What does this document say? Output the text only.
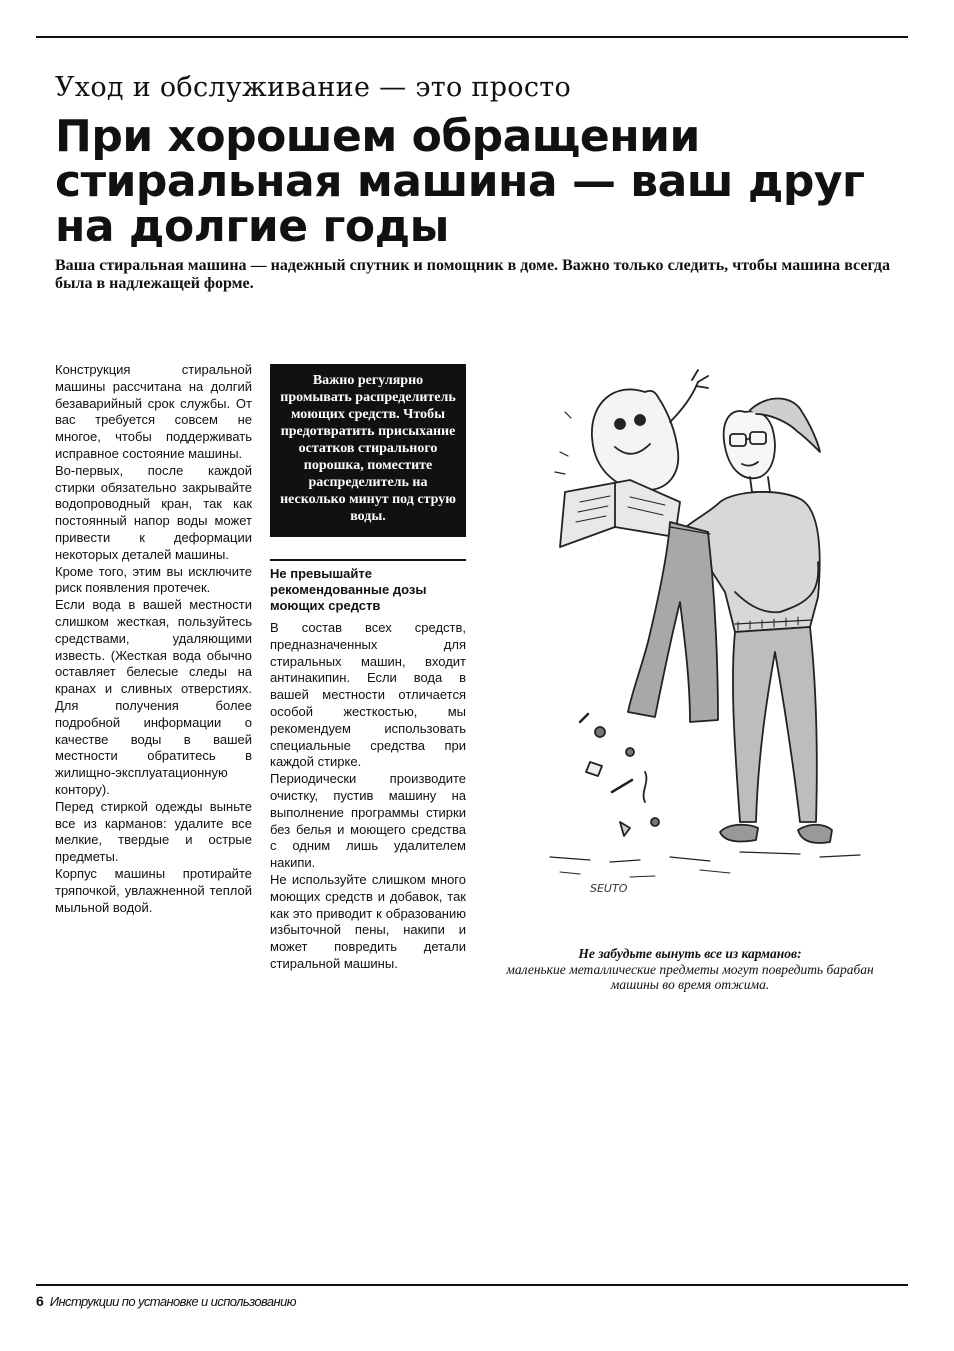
Уход и обслуживание — это просто
При хорошем обращении
стиральная машина — ваш друг
на долгие годы
Ваша стиральная машина — надежный спутник и помощник в доме. Важно только следить, чтобы машина всегда была в надлежащей форме.

Конструкция стиральной машины рассчитана на долгий безаварийный срок службы. От вас требуется совсем не многое, чтобы поддерживать исправное состояние машины.

Во-первых, после каждой стирки обязательно закрывайте водопроводный кран, так как постоянный напор воды может привести к деформации некоторых деталей машины.

Кроме того, этим вы исключите риск появления протечек.

Если вода в вашей местности слишком жесткая, пользуйтесь средствами, удаляющими известь. (Жесткая вода обычно оставляет белесые следы на кранах и сливных отверстиях. Для получения более подробной информации о качестве воды в вашей местности обратитесь в жилищно-эксплуатационную контору).

Перед стиркой одежды выньте все из карманов: удалите все мелкие, твердые и острые предметы.

Корпус машины протирайте тряпочкой, увлажненной теплой мыльной водой.

Важно регулярно промывать распределитель моющих средств. Чтобы предотвратить присыхание остатков стирального порошка, поместите распределитель на несколько минут под струю воды.
Не превышайте рекомендованные дозы моющих средств

В состав всех средств, предназначенных для стиральных машин, входит антинакипин. Если вода в вашей местности отличается особой жесткостью, мы рекомендуем использовать специальные средства при каждой стирке.

Периодически производите очистку, пустив машину на выполнение программы стирки без белья и моющего средства с одним лишь удалителем накипи.

Не используйте слишком много моющих средств и добавок, так как это приводит к образованию избыточной пены, накипи и может повредить детали стиральной машины.

SEUTO
Не забудьте вынуть все из карманов:
маленькие металлические предметы могут повредить барабан машины во время отжима.
6 Инструкции по установке и использованию
